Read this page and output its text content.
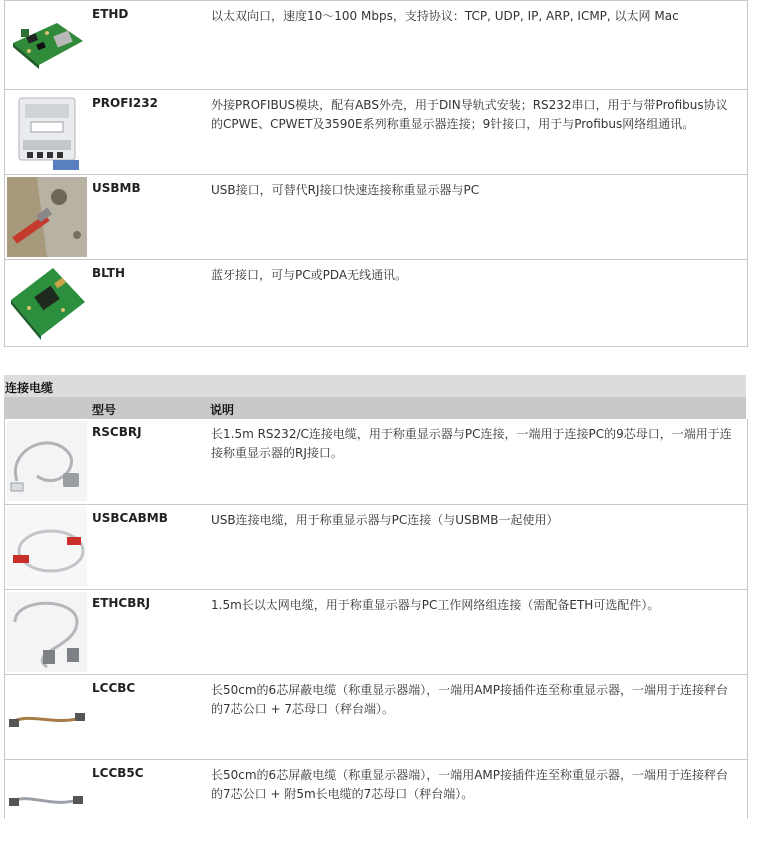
ETHD	以太双向口，速度10～100 Mbps，支持协议：TCP, UDP, IP, ARP, ICMP, 以太网 Mac
PROFI232	外接PROFIBUS模块，配有ABS外壳，用于DIN导轨式安装；RS232串口，用于与带Profibus协议的CPWE、CPWET及3590E系列称重显示器连接；9针接口，用于与Profibus网络组通讯。
USBMB	USB接口，可替代RJ接口快速连接称重显示器与PC
BLTH	蓝牙接口，可与PC或PDA无线通讯。
连接电缆
型号	说明
RSCBRJ	长1.5m RS232/C连接电缆，用于称重显示器与PC连接，一端用于连接PC的9芯母口，一端用于连接称重显示器的RJ接口。
USBCABMB	USB连接电缆，用于称重显示器与PC连接（与USBMB一起使用）
ETHCBRJ	1.5m长以太网电缆，用于称重显示器与PC工作网络组连接（需配备ETH可选配件）。
LCCBC	长50cm的6芯屏蔽电缆（称重显示器端），一端用AMP接插件连至称重显示器，一端用于连接秤台的7芯公口 + 7芯母口（秤台端）。
LCCB5C	长50cm的6芯屏蔽电缆（称重显示器端），一端用AMP接插件连至称重显示器，一端用于连接秤台的7芯公口 + 附5m长电缆的7芯母口（秤台端）。
